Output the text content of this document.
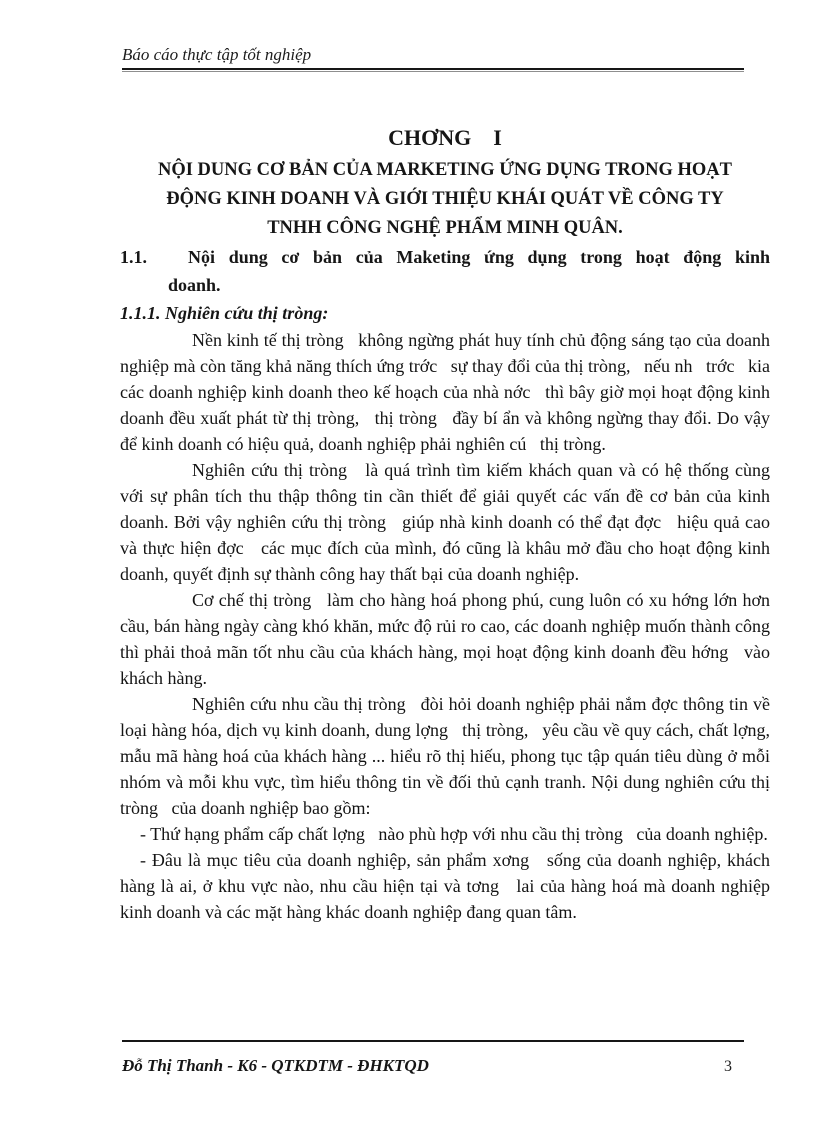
Báo cáo thực tập tốt nghiệp
CHƠNG    I
NỘI DUNG CƠ BẢN CỦA MARKETING ỨNG DỤNG TRONG HOẠT
ĐỘNG KINH DOANH VÀ GIỚI THIỆU KHÁI QUÁT VỀ CÔNG TY
TNHH CÔNG NGHỆ PHẨM MINH QUÂN.
1.1.   Nội dung cơ bản của Maketing ứng dụng trong hoạt động kinh
doanh.

1.1.1. Nghiên cứu thị tròng:

Nền kinh tế thị tròng   không ngừng phát huy tính chủ động sáng tạo của doanh nghiệp mà còn tăng khả năng thích ứng trớc   sự thay đổi của thị tròng,   nếu nh   trớc   kia các doanh nghiệp kinh doanh theo kế hoạch của nhà nớc   thì bây giờ mọi hoạt động kinh doanh đều xuất phát từ thị tròng,   thị tròng   đầy bí ẩn và không ngừng thay đổi. Do vậy để kinh doanh có hiệu quả, doanh nghiệp phải nghiên cú   thị tròng.

Nghiên cứu thị tròng   là quá trình tìm kiếm khách quan và có hệ thống cùng với sự phân tích thu thập thông tin cần thiết để giải quyết các vấn đề cơ bản của kinh doanh. Bởi vậy nghiên cứu thị tròng   giúp nhà kinh doanh có thể đạt đợc   hiệu quả cao và thực hiện đợc   các mục đích của mình, đó cũng là khâu mở đầu cho hoạt động kinh doanh, quyết định sự thành công hay thất bại của doanh nghiệp.

Cơ chế thị tròng   làm cho hàng hoá phong phú, cung luôn có xu hớng lớn hơn cầu, bán hàng ngày càng khó khăn, mức độ rủi ro cao, các doanh nghiệp muốn thành công thì phải thoả mãn tốt nhu cầu của khách hàng, mọi hoạt động kinh doanh đều hớng   vào khách hàng.

Nghiên cứu nhu cầu thị tròng   đòi hỏi doanh nghiệp phải nắm đợc thông tin về loại hàng hóa, dịch vụ kinh doanh, dung lợng   thị tròng,   yêu cầu về quy cách, chất lợng,   mẫu mã hàng hoá của khách hàng ... hiểu rõ thị hiếu, phong tục tập quán tiêu dùng ở mỗi nhóm và mỗi khu vực, tìm hiểu thông tin về đối thủ cạnh tranh. Nội dung nghiên cứu thị tròng   của doanh nghiệp bao gồm:

- Thứ hạng phẩm cấp chất lợng   nào phù hợp với nhu cầu thị tròng   của doanh nghiệp.

- Đâu là mục tiêu của doanh nghiệp, sản phẩm xơng   sống của doanh nghiệp, khách hàng là ai, ở khu vực nào, nhu cầu hiện tại và tơng   lai của hàng hoá mà doanh nghiệp kinh doanh và các mặt hàng khác doanh nghiệp đang quan tâm.

Đỗ Thị Thanh - K6 - QTKDTM - ĐHKTQD	3
